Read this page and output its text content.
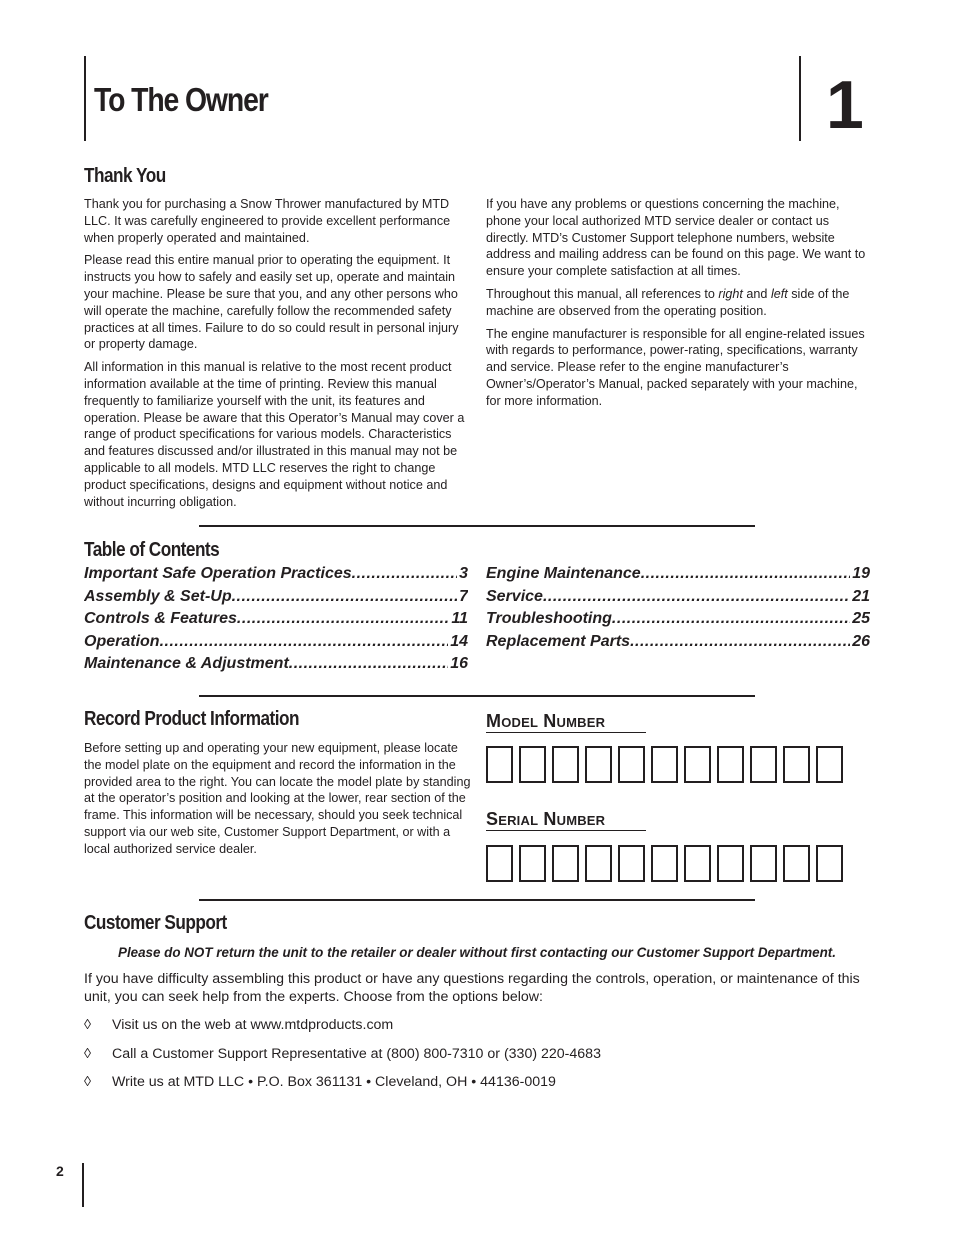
To The Owner	1
Thank You

Thank you for purchasing a Snow Thrower manufactured by MTD LLC. It was carefully engineered to provide excellent performance when properly operated and maintained.

Please read this entire manual prior to operating the equipment. It instructs you how to safely and easily set up, operate and maintain your machine. Please be sure that you, and any other persons who will operate the machine, carefully follow the recommended safety practices at all times. Failure to do so could result in personal injury or property damage.

All information in this manual is relative to the most recent product information available at the time of printing. Review this manual frequently to familiarize yourself with the unit, its features and operation. Please be aware that this Operator’s Manual may cover a range of product specifications for various models. Characteristics and features discussed and/or illustrated in this manual may not be applicable to all models. MTD LLC reserves the right to change product specifications, designs and equipment without notice and without incurring obligation.

If you have any problems or questions concerning the machine, phone your local authorized MTD service dealer or contact us directly. MTD’s Customer Support telephone numbers, website address and mailing address can be found on this page. We want to ensure your complete satisfaction at all times.

Throughout this manual, all references to right and left side of the machine are observed from the operating position.

The engine manufacturer is responsible for all engine-related issues with regards to performance, power-rating, specifications, warranty and service. Please refer to the engine manufacturer’s Owner’s/Operator’s Manual, packed separately with your machine, for more information.

Table of Contents
Important Safe Operation Practices .....	3
Assembly & Set-Up .....	7
Controls & Features .....	11
Operation .....	14
Maintenance & Adjustment .....	16
Engine Maintenance .....	19
Service .....	21
Troubleshooting .....	25
Replacement Parts .....	26
Record Product Information
Before setting up and operating your new equipment, please locate the model plate on the equipment and record the information in the provided area to the right. You can locate the model plate by standing at the operator’s position and looking at the lower, rear section of the frame. This information will be necessary, should you seek technical support via our web site, Customer Support Department, or with a local authorized service dealer.
Model Number
Serial Number
Customer Support
Please do NOT return the unit to the retailer or dealer without first contacting our Customer Support Department.
If you have difficulty assembling this product or have any questions regarding the controls, operation, or maintenance of this unit, you can seek help from the experts. Choose from the options below:
◊	Visit us on the web at www.mtdproducts.com
◊	Call a Customer Support Representative at (800) 800-7310 or (330) 220-4683
◊	Write us at MTD LLC • P.O. Box 361131 • Cleveland, OH • 44136-0019
2
